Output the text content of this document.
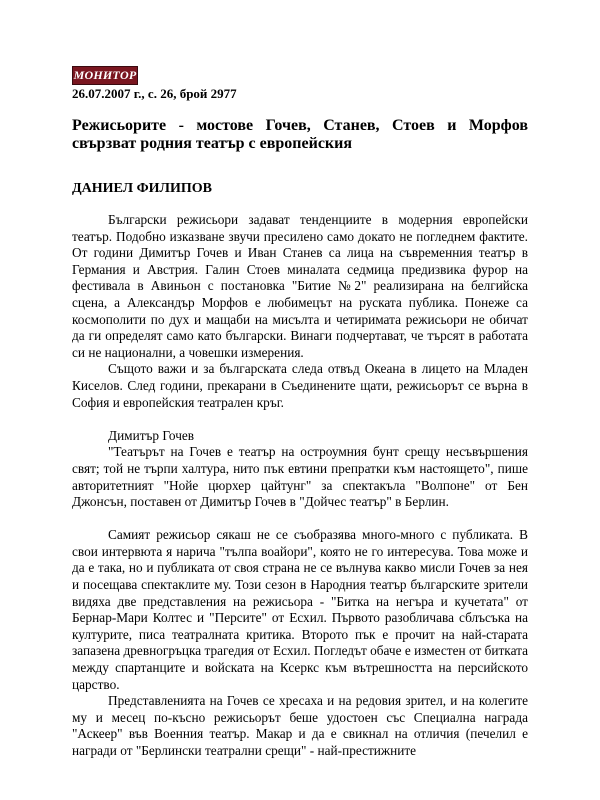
МОНИТОР
26.07.2007 г., с. 26, брой 2977
Режисьорите - мостове Гочев, Станев, Стоев и Морфов свързват родния театър с европейския
ДАНИЕЛ ФИЛИПОВ

Български режисьори задават тенденциите в модерния европейски театър. Подобно изказване звучи пресилено само докато не погледнем фактите. От години Димитър Гочев и Иван Станев са лица на съвременния театър в Германия и Австрия. Галин Стоев миналата седмица предизвика фурор на фестивала в Авиньон с постановка "Битие №2" реализирана на белгийска сцена, а Александър Морфов е любимецът на руската публика. Понеже са космополити по дух и мащаби на мисълта и четиримата режисьори не обичат да ги определят само като български. Винаги подчертават, че търсят в работата си не национални, а човешки измерения.

Същото важи и за българската следа отвъд Океана в лицето на Младен Киселов. След години, прекарани в Съединените щати, режисьорът се върна в София и европейския театрален кръг.

Димитър Гочев

"Театърът на Гочев е театър на остроумния бунт срещу несъвършения свят; той не търпи халтура, нито пък евтини препратки към настоящето", пише авторитетният "Нойе цюрхер цайтунг" за спектакъла "Волпоне" от Бен Джонсън, поставен от Димитър Гочев в "Дойчес театър" в Берлин.

Самият режисьор сякаш не се съобразява много-много с публиката. В свои интервюта я нарича "тълпа воайори", която не го интересува. Това може и да е така, но и публиката от своя страна не се вълнува какво мисли Гочев за нея и посещава спектаклите му. Този сезон в Народния театър българските зрители видяха две представления на режисьора - "Битка на негъра и кучетата" от Бернар-Мари Колтес и "Персите" от Есхил. Първото разобличава сблъсъка на културите, писа театралната критика. Второто пък е прочит на най-старата запазена древногръцка трагедия от Есхил. Погледът обаче е изместен от битката между спартанците и войската на Ксеркс към вътрешността на персийското царство.

Представленията на Гочев се хресаха и на редовия зрител, и на колегите му и месец по-късно режисьорът беше удостоен със Специална награда "Аскеер" във Военния театър. Макар и да е свикнал на отличия (печелил е награди от "Берлински театрални срещи" - най-престижните
